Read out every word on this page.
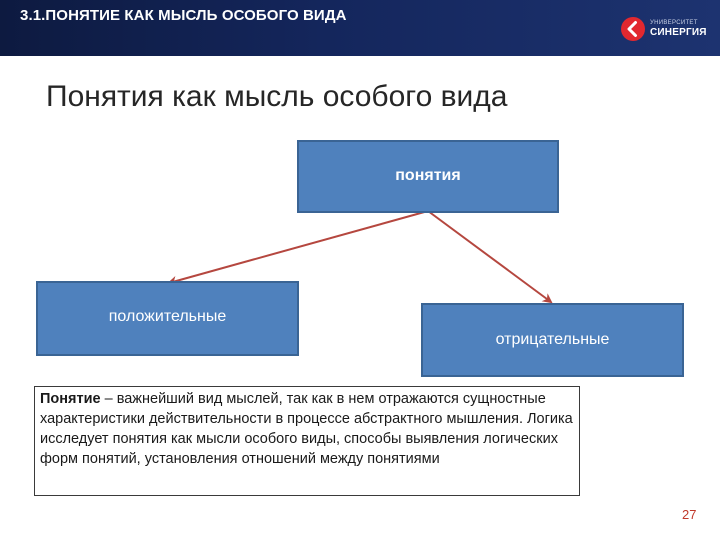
3.1.ПОНЯТИЕ КАК МЫСЛЬ ОСОБОГО ВИДА	УНИВЕРСИТЕТ
СИНЕРГИЯ
Понятия как мысль особого вида
понятия
положительные
отрицательные
Понятие – важнейший вид мыслей, так как в нем отражаются сущностные характеристики действительности в процессе абстрактного мышления. Логика исследует понятия как мысли особого виды, способы выявления логических форм понятий, установления отношений между понятиями
27
